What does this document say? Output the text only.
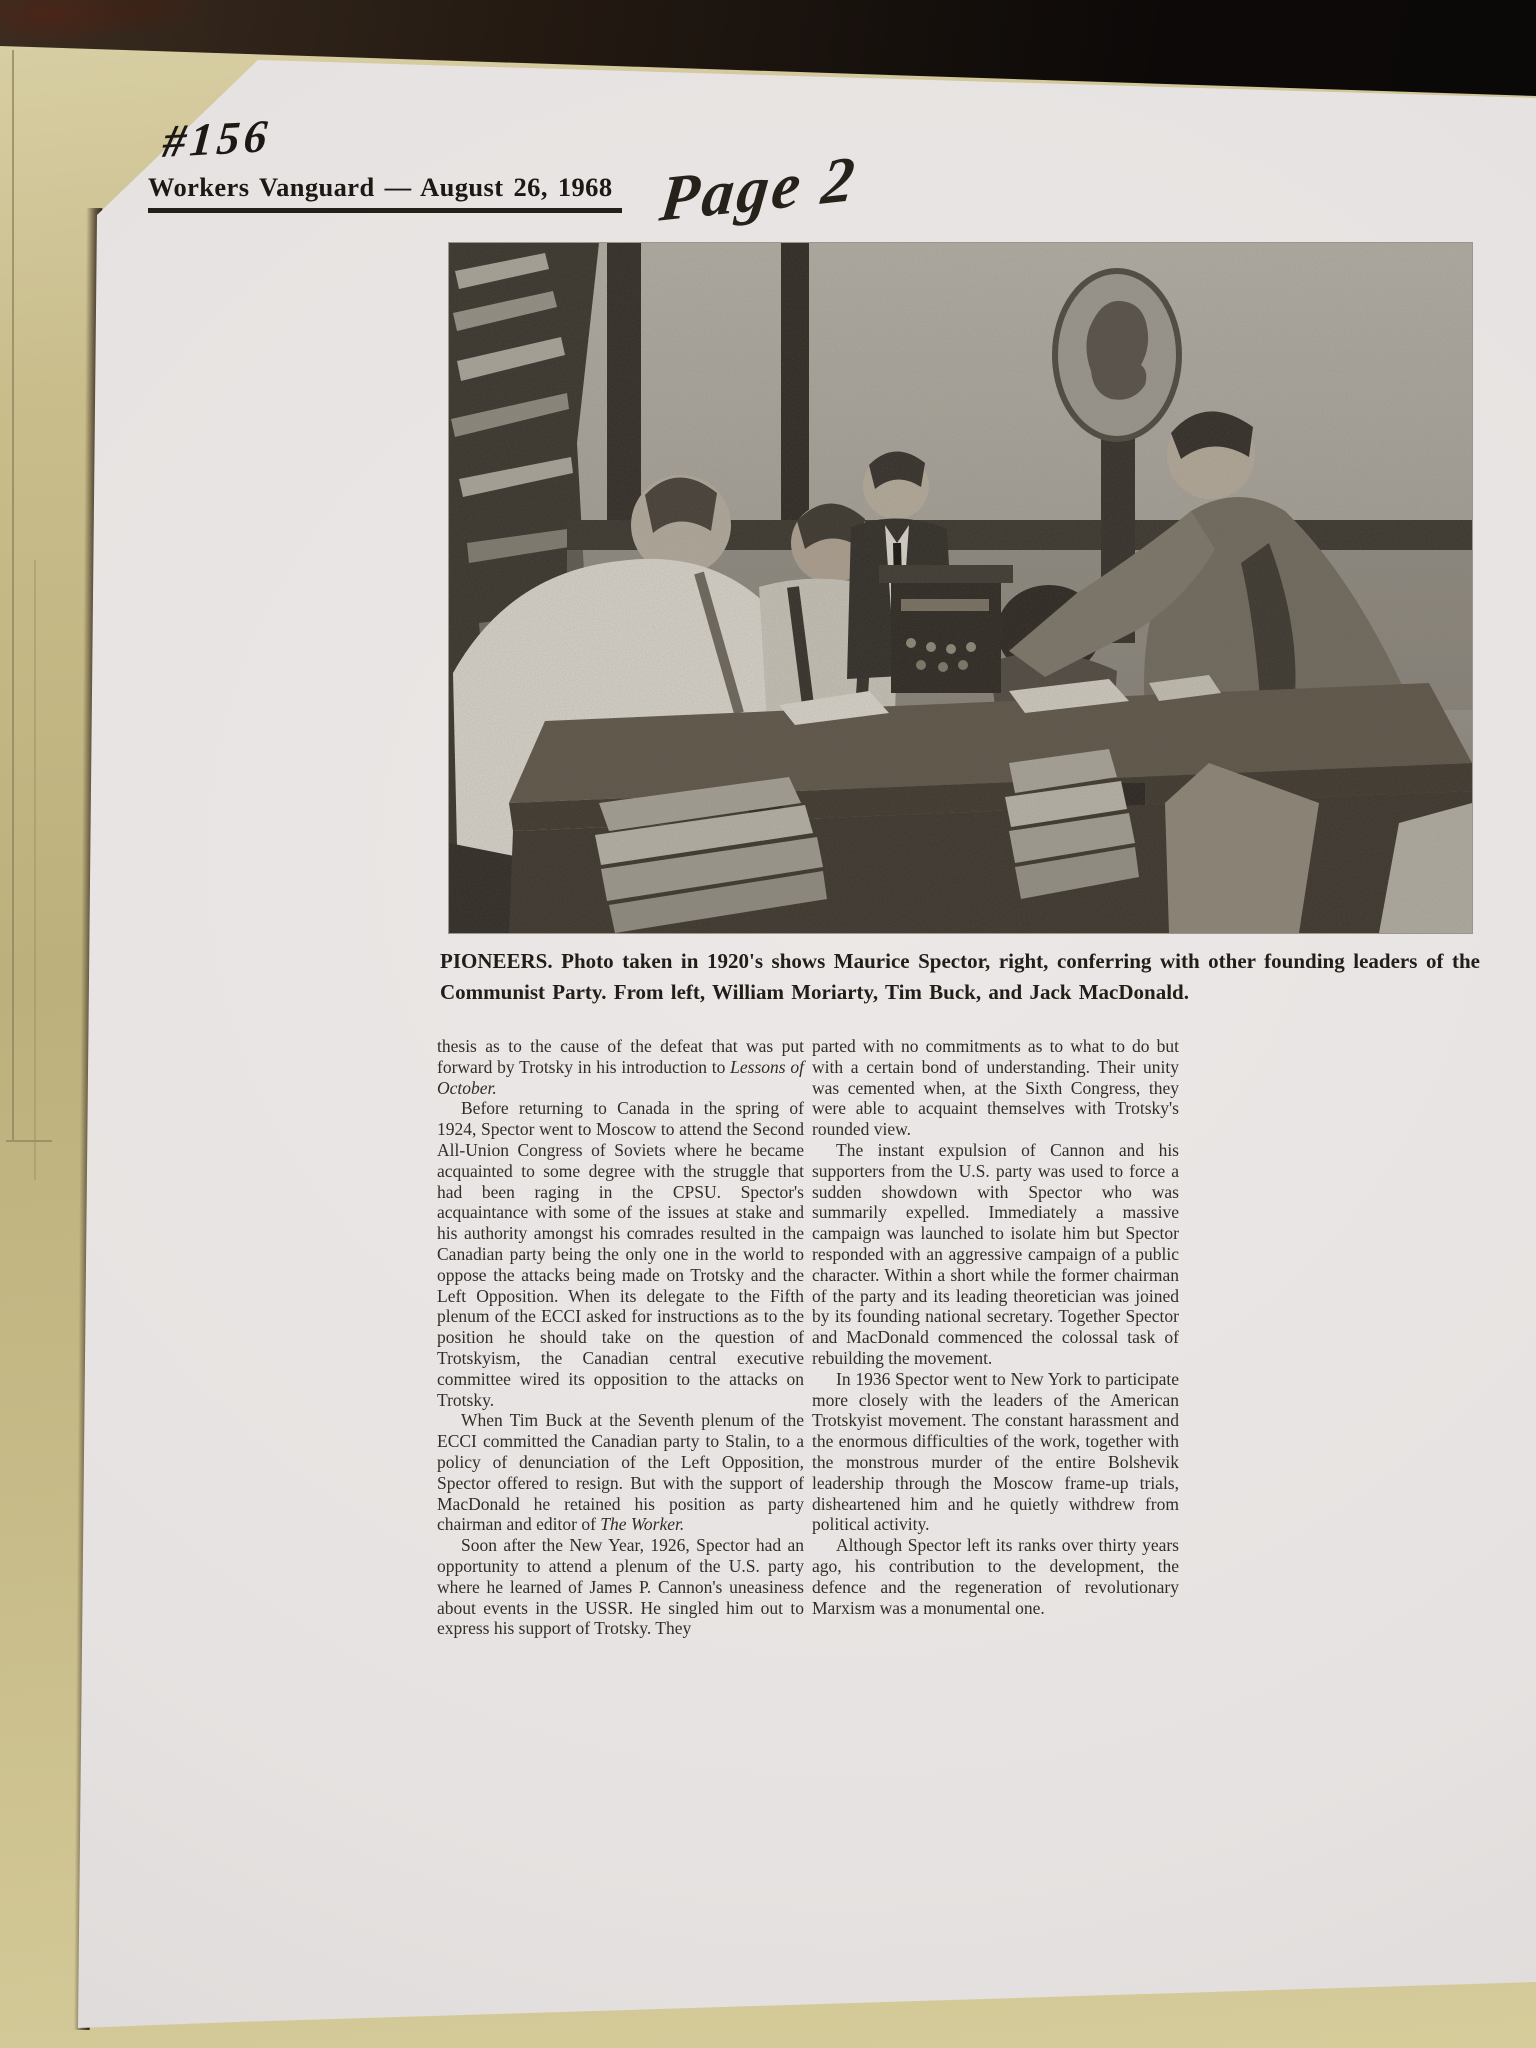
#156
Workers Vanguard — August 26, 1968 Page 2
PIONEERS. Photo taken in 1920's shows Maurice Spector, right, conferring with other founding leaders of the Communist Party. From left, William Moriarty, Tim Buck, and Jack MacDonald.

thesis as to the cause of the defeat that was put forward by Trotsky in his introduction to Lessons of October.

Before returning to Canada in the spring of 1924, Spector went to Moscow to attend the Second All-Union Congress of Soviets where he became acquainted to some degree with the struggle that had been raging in the CPSU. Spector's acquaintance with some of the issues at stake and his authority amongst his comrades resulted in the Canadian party being the only one in the world to oppose the attacks being made on Trotsky and the Left Opposition. When its delegate to the Fifth plenum of the ECCI asked for instructions as to the position he should take on the question of Trotskyism, the Canadian central executive committee wired its opposition to the attacks on Trotsky.

When Tim Buck at the Seventh plenum of the ECCI committed the Canadian party to Stalin, to a policy of denunciation of the Left Opposition, Spector offered to resign. But with the support of MacDonald he retained his position as party chairman and editor of The Worker.

Soon after the New Year, 1926, Spector had an opportunity to attend a plenum of the U.S. party where he learned of James P. Cannon's uneasiness about events in the USSR. He singled him out to express his support of Trotsky. They

parted with no commitments as to what to do but with a certain bond of understanding. Their unity was cemented when, at the Sixth Congress, they were able to acquaint themselves with Trotsky's rounded view.

The instant expulsion of Cannon and his supporters from the U.S. party was used to force a sudden showdown with Spector who was summarily expelled. Immediately a massive campaign was launched to isolate him but Spector responded with an aggressive campaign of a public character. Within a short while the former chairman of the party and its leading theoretician was joined by its founding national secretary. Together Spector and MacDonald commenced the colossal task of rebuilding the movement.

In 1936 Spector went to New York to participate more closely with the leaders of the American Trotskyist movement. The constant harassment and the enormous difficulties of the work, together with the monstrous murder of the entire Bolshevik leadership through the Moscow frame-up trials, disheartened him and he quietly withdrew from political activity.

Although Spector left its ranks over thirty years ago, his contribution to the development, the defence and the regeneration of revolutionary Marxism was a monumental one.
